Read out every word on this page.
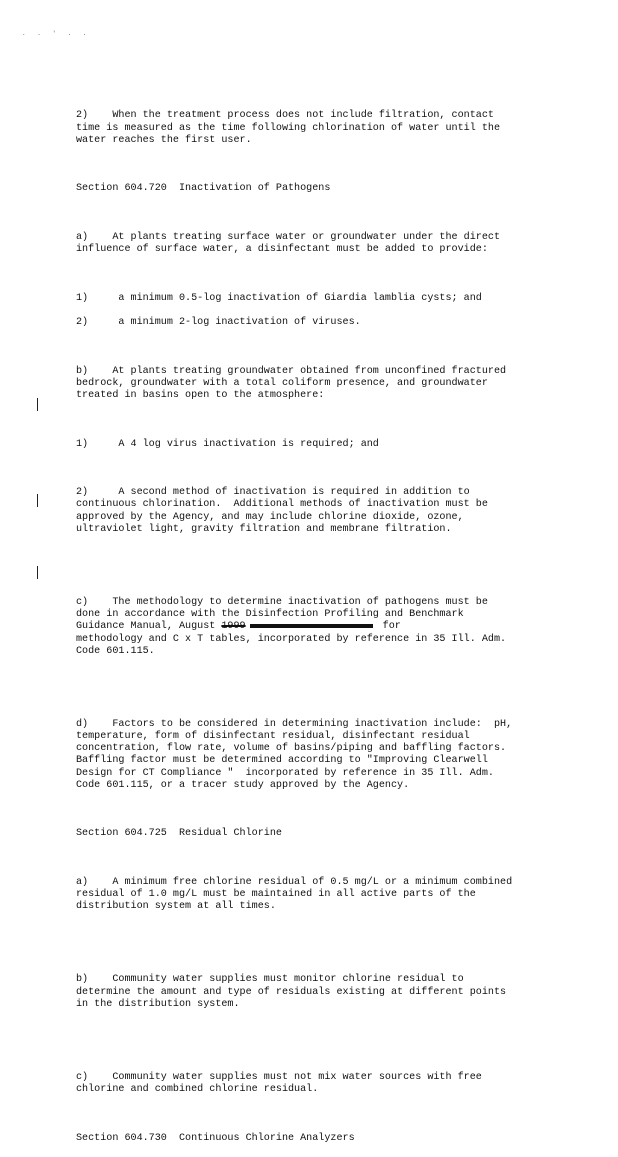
. . ' . .

2)    When the treatment process does not include filtration, contact
time is measured as the time following chlorination of water until the
water reaches the first user.

Section 604.720  Inactivation of Pathogens

a)    At plants treating surface water or groundwater under the direct
influence of surface water, a disinfectant must be added to provide:

1)     a minimum 0.5-log inactivation of Giardia lamblia cysts; and
2)     a minimum 2-log inactivation of viruses.

b)    At plants treating groundwater obtained from unconfined fractured
bedrock, groundwater with a total coliform presence, and groundwater
treated in basins open to the atmosphere:

1)     A 4 log virus inactivation is required; and

2)     A second method of inactivation is required in addition to
continuous chlorination.  Additional methods of inactivation must be
approved by the Agency, and may include chlorine dioxide, ozone,
ultraviolet light, gravity filtration and membrane filtration.

c)    The methodology to determine inactivation of pathogens must be
done in accordance with the Disinfection Profiling and Benchmark
Guidance Manual, August 1999	for
methodology and C x T tables, incorporated by reference in 35 Ill. Adm.
Code 601.115.

d)    Factors to be considered in determining inactivation include:  pH,
temperature, form of disinfectant residual, disinfectant residual
concentration, flow rate, volume of basins/piping and baffling factors.
Baffling factor must be determined according to "Improving Clearwell
Design for CT Compliance "  incorporated by reference in 35 Ill. Adm.
Code 601.115, or a tracer study approved by the Agency.

Section 604.725  Residual Chlorine

a)    A minimum free chlorine residual of 0.5 mg/L or a minimum combined
residual of 1.0 mg/L must be maintained in all active parts of the
distribution system at all times.

b)    Community water supplies must monitor chlorine residual to
determine the amount and type of residuals existing at different points
in the distribution system.

c)    Community water supplies must not mix water sources with free
chlorine and combined chlorine residual.

Section 604.730  Continuous Chlorine Analyzers
